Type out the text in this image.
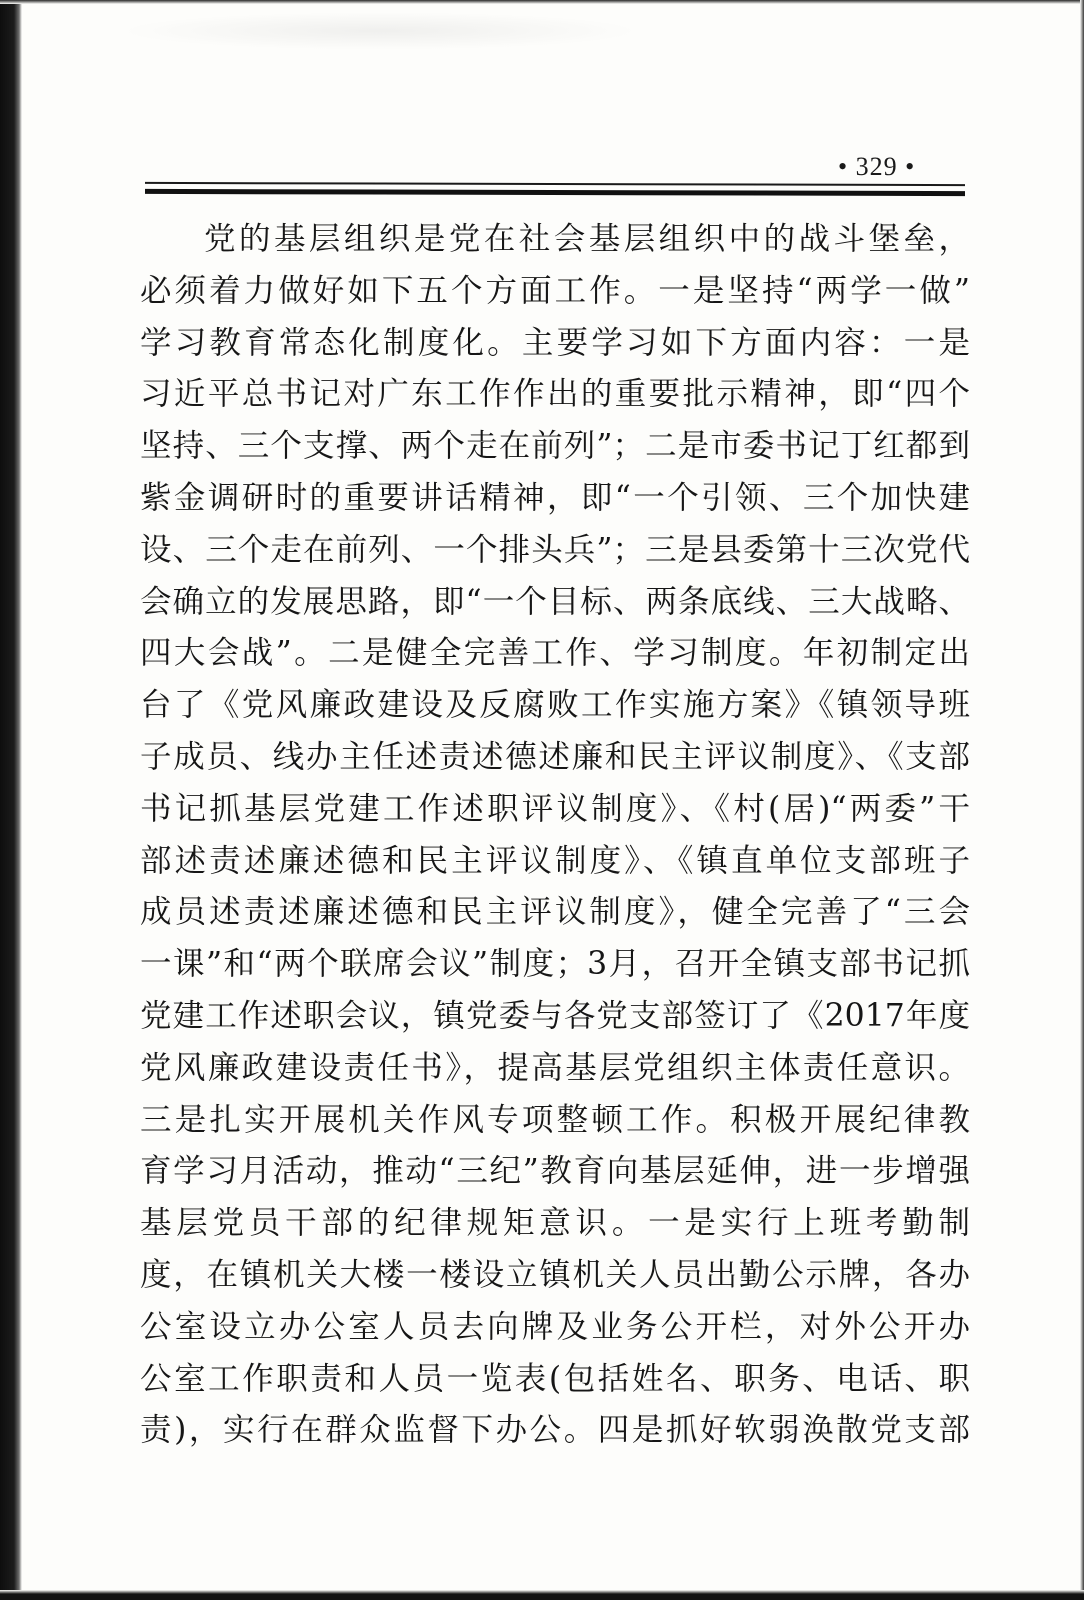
• 329 •
党的基层组织是党在社会基层组织中的战斗堡垒，
必须着力做好如下五个方面工作。一是坚持“两学一做”
学习教育常态化制度化。主要学习如下方面内容：一是
习近平总书记对广东工作作出的重要批示精神，即“四个
坚持、三个支撑、两个走在前列”；二是市委书记丁红都到
紫金调研时的重要讲话精神，即“一个引领、三个加快建
设、三个走在前列、一个排头兵”；三是县委第十三次党代
会确立的发展思路，即“一个目标、两条底线、三大战略、
四大会战”。二是健全完善工作、学习制度。年初制定出
台了《党风廉政建设及反腐败工作实施方案》《镇领导班
子成员、线办主任述责述德述廉和民主评议制度》、《支部
书记抓基层党建工作述职评议制度》、《村(居)“两委”干
部述责述廉述德和民主评议制度》、《镇直单位支部班子
成员述责述廉述德和民主评议制度》，健全完善了“三会
一课”和“两个联席会议”制度；3月，召开全镇支部书记抓
党建工作述职会议，镇党委与各党支部签订了《2017年度
党风廉政建设责任书》，提高基层党组织主体责任意识。
三是扎实开展机关作风专项整顿工作。积极开展纪律教
育学习月活动，推动“三纪”教育向基层延伸，进一步增强
基层党员干部的纪律规矩意识。一是实行上班考勤制
度，在镇机关大楼一楼设立镇机关人员出勤公示牌，各办
公室设立办公室人员去向牌及业务公开栏，对外公开办
公室工作职责和人员一览表(包括姓名、职务、电话、职
责)，实行在群众监督下办公。四是抓好软弱涣散党支部
